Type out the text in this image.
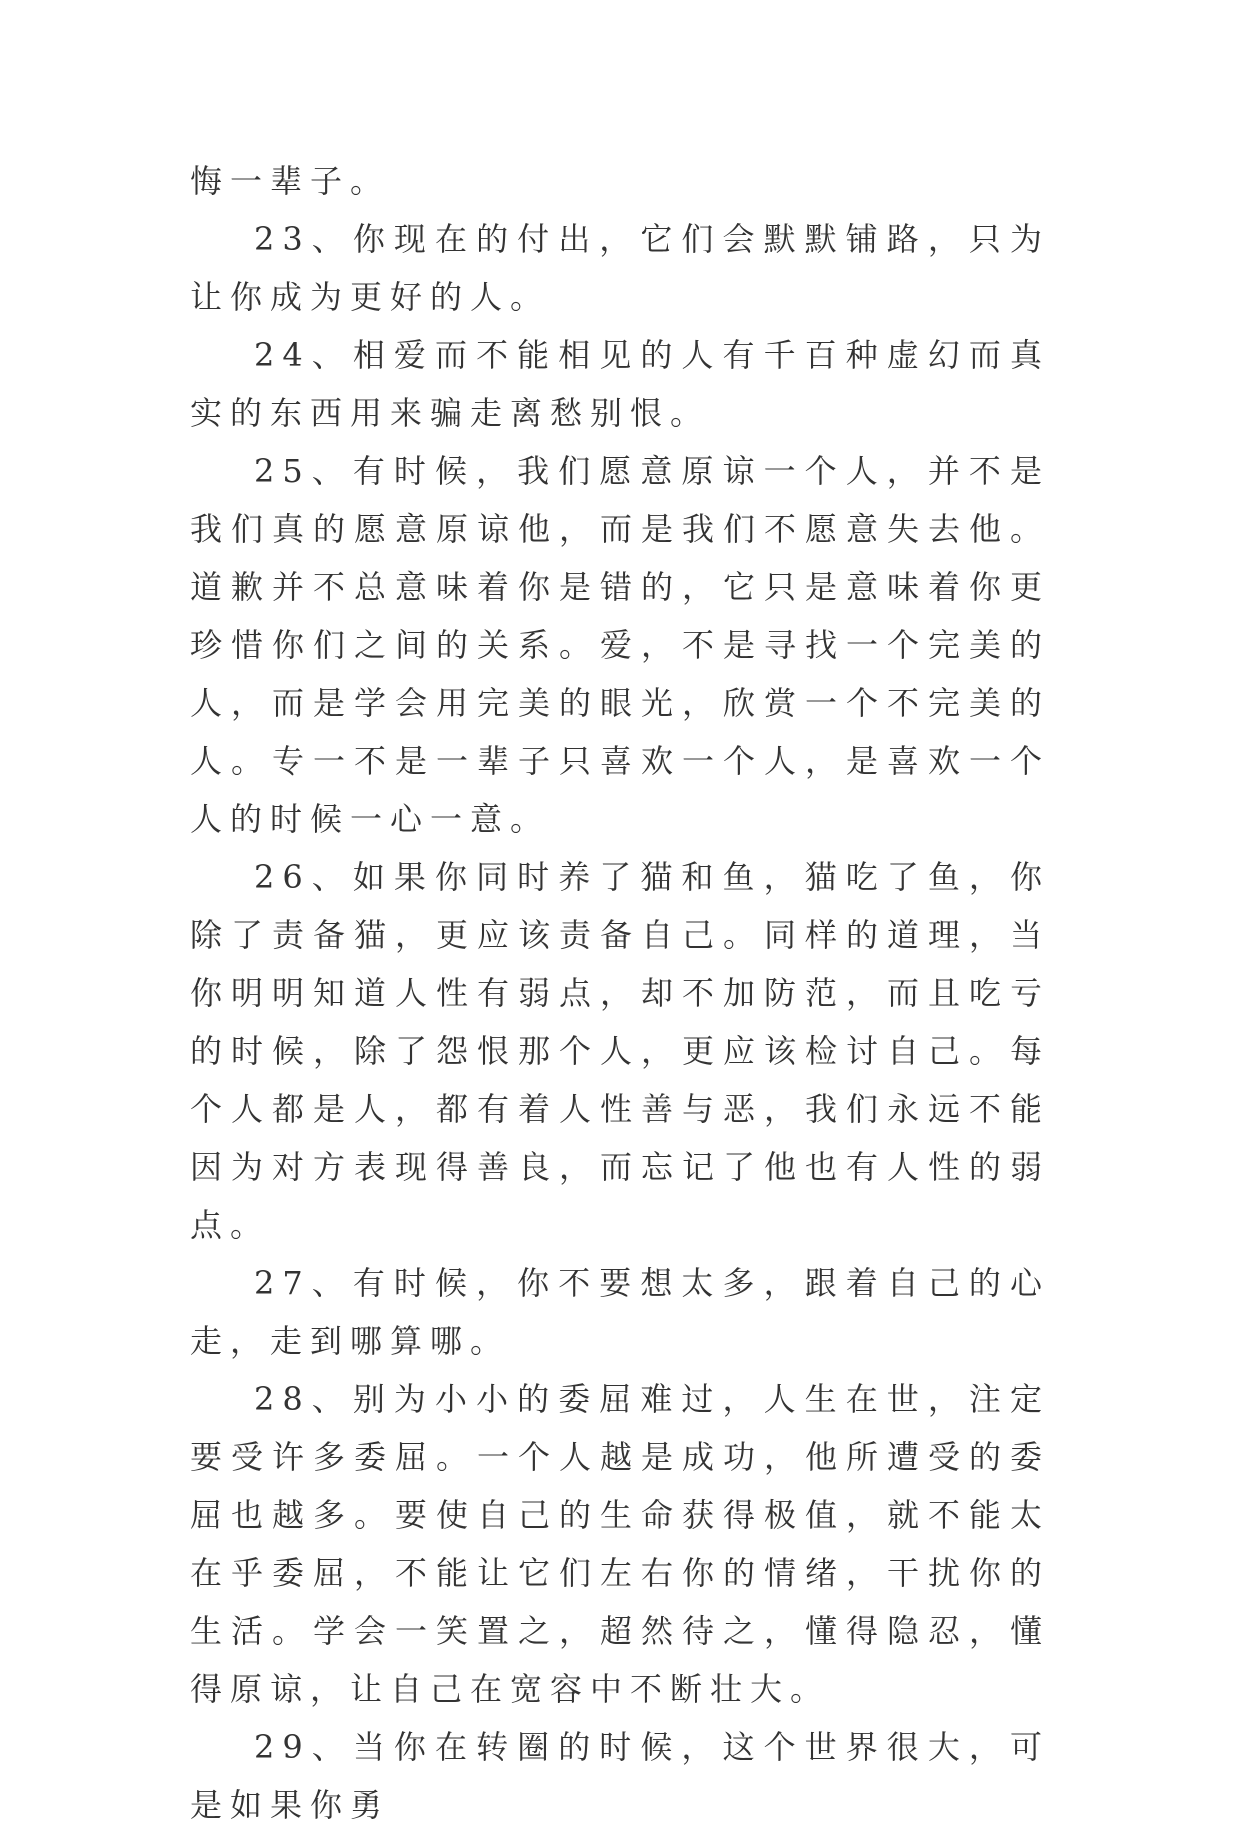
悔一辈子。

23、你现在的付出，它们会默默铺路，只为让你成为更好的人。

24、相爱而不能相见的人有千百种虚幻而真实的东西用来骗走离愁别恨。

25、有时候，我们愿意原谅一个人，并不是我们真的愿意原谅他，而是我们不愿意失去他。道歉并不总意味着你是错的，它只是意味着你更珍惜你们之间的关系。爱，不是寻找一个完美的人，而是学会用完美的眼光，欣赏一个不完美的人。专一不是一辈子只喜欢一个人，是喜欢一个人的时候一心一意。

26、如果你同时养了猫和鱼，猫吃了鱼，你除了责备猫，更应该责备自己。同样的道理，当你明明知道人性有弱点，却不加防范，而且吃亏的时候，除了怨恨那个人，更应该检讨自己。每个人都是人，都有着人性善与恶，我们永远不能因为对方表现得善良，而忘记了他也有人性的弱点。

27、有时候，你不要想太多，跟着自己的心走，走到哪算哪。

28、别为小小的委屈难过，人生在世，注定要受许多委屈。一个人越是成功，他所遭受的委屈也越多。要使自己的生命获得极值，就不能太在乎委屈，不能让它们左右你的情绪，干扰你的生活。学会一笑置之，超然待之，懂得隐忍，懂得原谅，让自己在宽容中不断壮大。

29、当你在转圈的时候，这个世界很大，可是如果你勇
